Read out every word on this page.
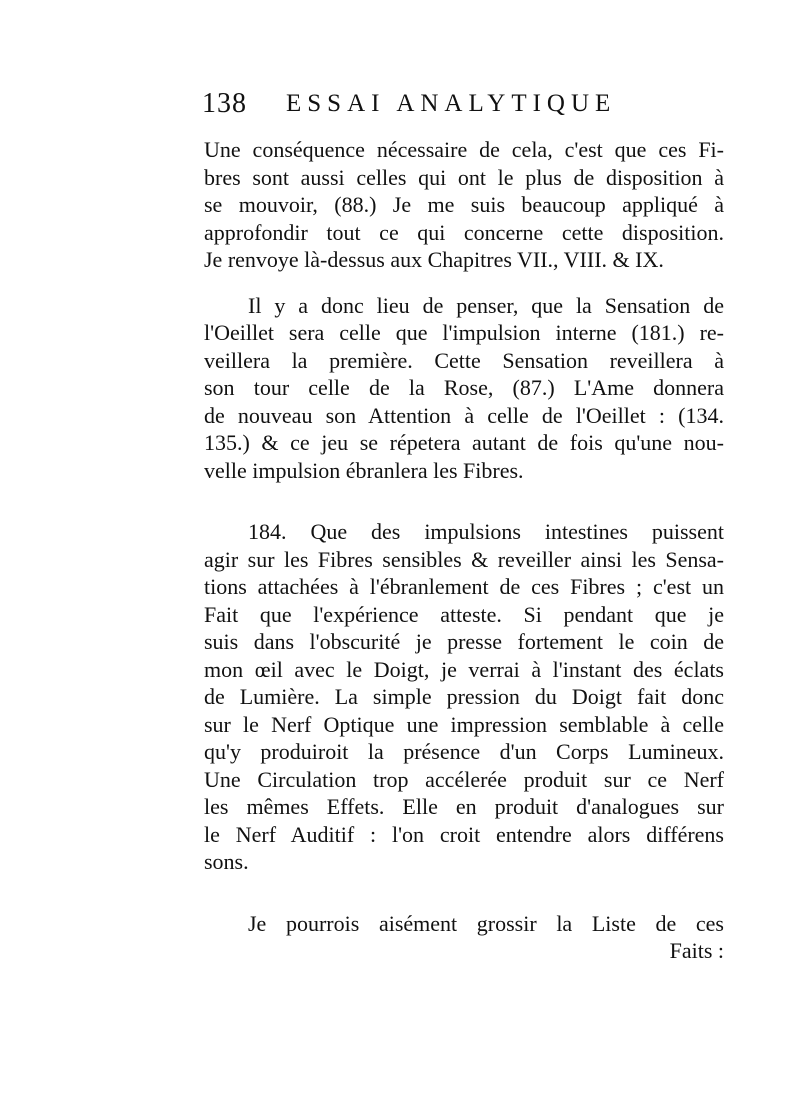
138 ESSAI ANALYTIQUE
Une conséquence nécessaire de cela, c'est que ces Fi-
bres sont aussi celles qui ont le plus de disposition à
se mouvoir, (88.) Je me suis beaucoup appliqué à
approfondir tout ce qui concerne cette disposition.
Je renvoye là-dessus aux Chapitres VII., VIII. & IX.
Il y a donc lieu de penser, que la Sensation de
l'Oeillet sera celle que l'impulsion interne (181.) re-
veillera la première. Cette Sensation reveillera à
son tour celle de la Rose, (87.) L'Ame donnera
de nouveau son Attention à celle de l'Oeillet : (134.
135.) & ce jeu se répetera autant de fois qu'une nou-
velle impulsion ébranlera les Fibres.
184. Que des impulsions intestines puissent
agir sur les Fibres sensibles & reveiller ainsi les Sensa-
tions attachées à l'ébranlement de ces Fibres ; c'est un
Fait que l'expérience atteste. Si pendant que je
suis dans l'obscurité je presse fortement le coin de
mon œil avec le Doigt, je verrai à l'instant des éclats
de Lumière. La simple pression du Doigt fait donc
sur le Nerf Optique une impression semblable à celle
qu'y produiroit la présence d'un Corps Lumineux.
Une Circulation trop accélerée produit sur ce Nerf
les mêmes Effets. Elle en produit d'analogues sur
le Nerf Auditif : l'on croit entendre alors différens
sons.
Je pourrois aisément grossir la Liste de ces
Faits :
